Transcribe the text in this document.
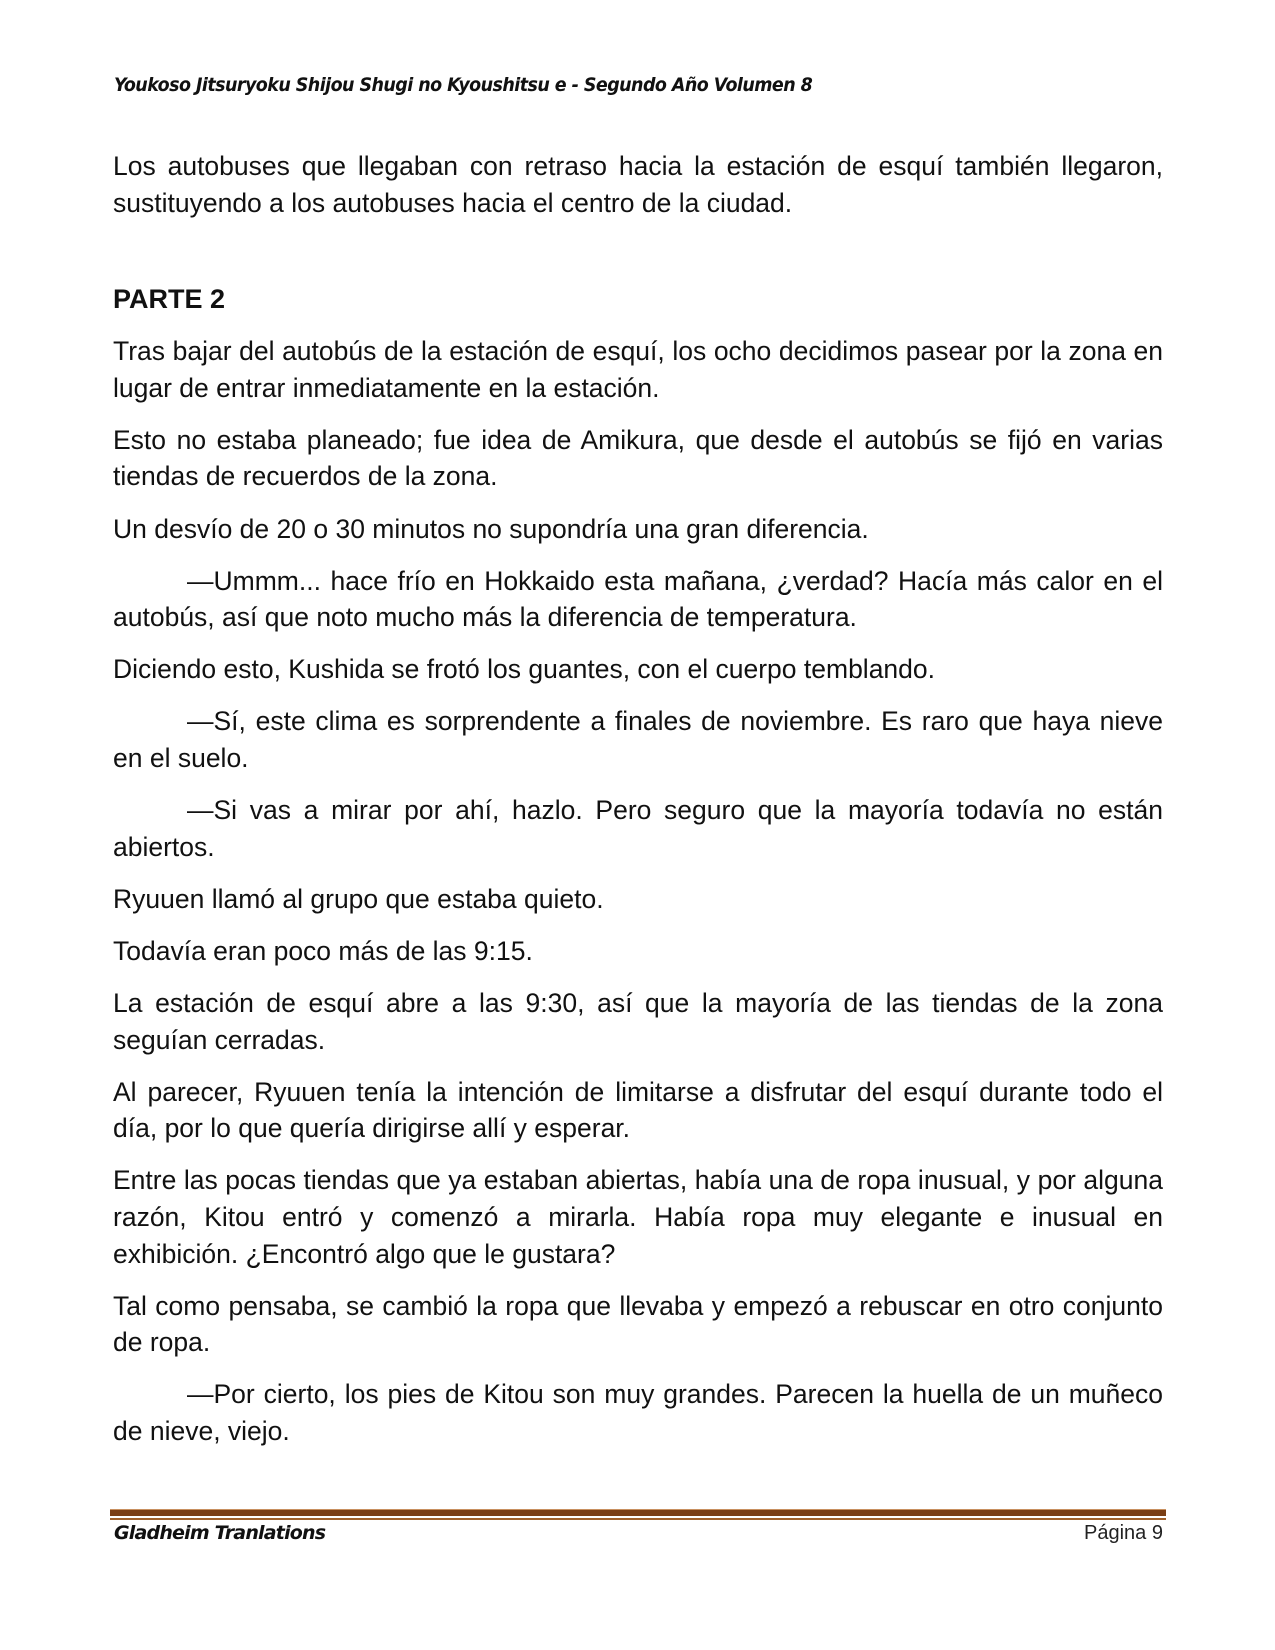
Youkoso Jitsuryoku Shijou Shugi no Kyoushitsu e - Segundo Año Volumen 8

Los autobuses que llegaban con retraso hacia la estación de esquí también llegaron, sustituyendo a los autobuses hacia el centro de la ciudad.

PARTE 2

Tras bajar del autobús de la estación de esquí, los ocho decidimos pasear por la zona en lugar de entrar inmediatamente en la estación.

Esto no estaba planeado; fue idea de Amikura, que desde el autobús se fijó en varias tiendas de recuerdos de la zona.

Un desvío de 20 o 30 minutos no supondría una gran diferencia.

—Ummm... hace frío en Hokkaido esta mañana, ¿verdad? Hacía más calor en el autobús, así que noto mucho más la diferencia de temperatura.

Diciendo esto, Kushida se frotó los guantes, con el cuerpo temblando.

—Sí, este clima es sorprendente a finales de noviembre. Es raro que haya nieve en el suelo.

—Si vas a mirar por ahí, hazlo. Pero seguro que la mayoría todavía no están abiertos.

Ryuuen llamó al grupo que estaba quieto.

Todavía eran poco más de las 9:15.

La estación de esquí abre a las 9:30, así que la mayoría de las tiendas de la zona seguían cerradas.

Al parecer, Ryuuen tenía la intención de limitarse a disfrutar del esquí durante todo el día, por lo que quería dirigirse allí y esperar.

Entre las pocas tiendas que ya estaban abiertas, había una de ropa inusual, y por alguna razón, Kitou entró y comenzó a mirarla. Había ropa muy elegante e inusual en exhibición. ¿Encontró algo que le gustara?

Tal como pensaba, se cambió la ropa que llevaba y empezó a rebuscar en otro conjunto de ropa.

—Por cierto, los pies de Kitou son muy grandes. Parecen la huella de un muñeco de nieve, viejo.

Gladheim Tranlations	Página 9
